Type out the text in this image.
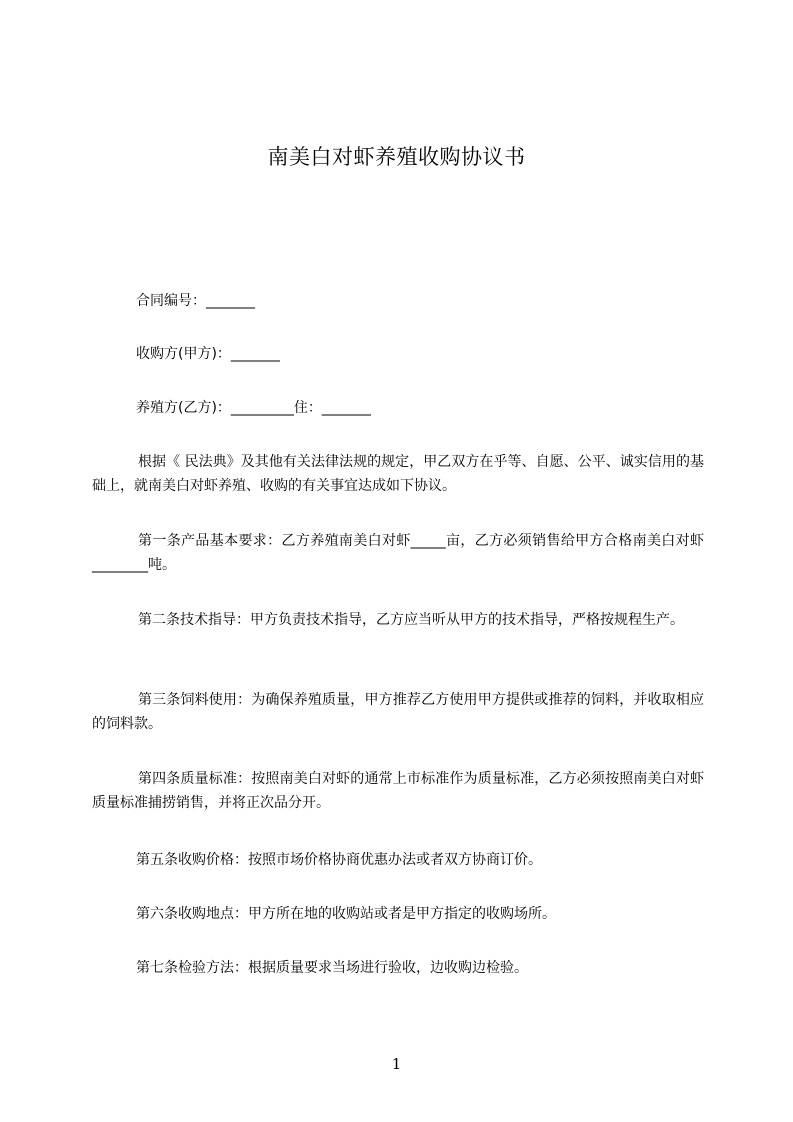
南美白对虾养殖收购协议书
合同编号：_______
收购方(甲方)：_______
养殖方(乙方)：_________住：_______
根据《 民法典》及其他有关法律法规的规定，甲乙双方在乎等、自愿、公平、诚实信用的基础上，就南美白对虾养殖、收购的有关事宜达成如下协议。
第一条产品基本要求：乙方养殖南美白对虾_____亩，乙方必须销售给甲方合格南美白对虾________吨。
第二条技术指导：甲方负责技术指导，乙方应当听从甲方的技术指导，严格按规程生产。
第三条饲料使用：为确保养殖质量，甲方推荐乙方使用甲方提供或推荐的饲料，并收取相应的饲料款。
第四条质量标准：按照南美白对虾的通常上市标准作为质量标准，乙方必须按照南美白对虾质量标准捕捞销售，并将正次品分开。
第五条收购价格：按照市场价格协商优惠办法或者双方协商订价。
第六条收购地点：甲方所在地的收购站或者是甲方指定的收购场所。
第七条检验方法：根据质量要求当场进行验收，边收购边检验。
1
